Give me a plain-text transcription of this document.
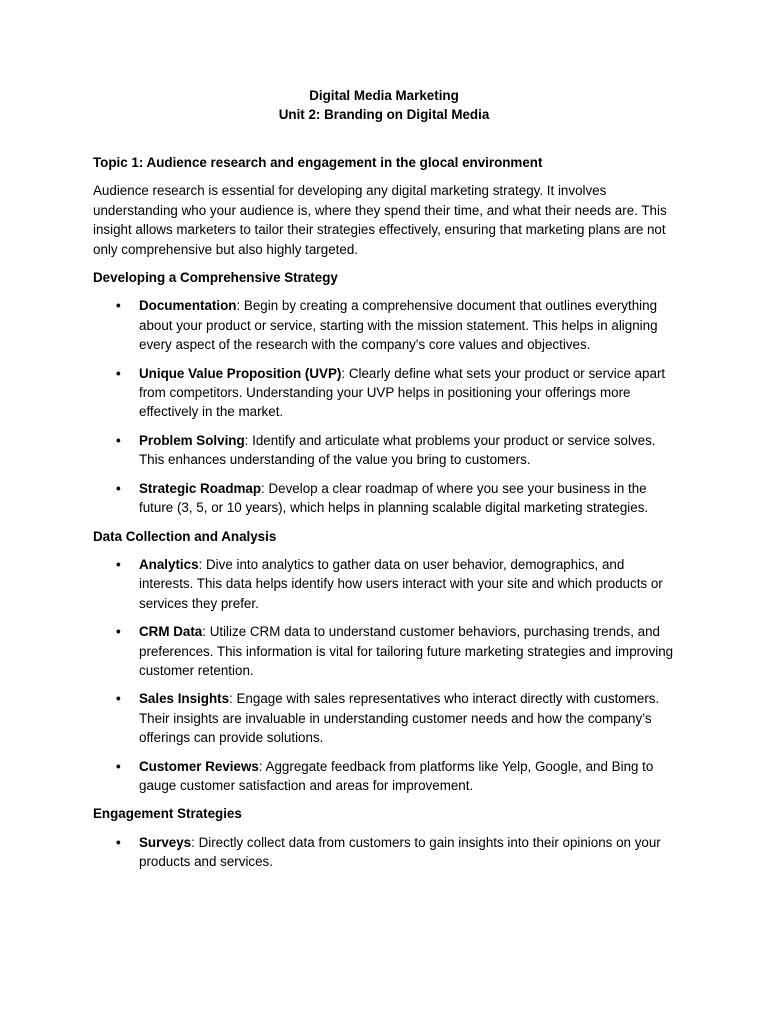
Digital Media Marketing
Unit 2: Branding on Digital Media
Topic 1: Audience research and engagement in the glocal environment

Audience research is essential for developing any digital marketing strategy. It involves understanding who your audience is, where they spend their time, and what their needs are. This insight allows marketers to tailor their strategies effectively, ensuring that marketing plans are not only comprehensive but also highly targeted.

Developing a Comprehensive Strategy
• Documentation: Begin by creating a comprehensive document that outlines everything about your product or service, starting with the mission statement. This helps in aligning every aspect of the research with the company's core values and objectives.
• Unique Value Proposition (UVP): Clearly define what sets your product or service apart from competitors. Understanding your UVP helps in positioning your offerings more effectively in the market.
• Problem Solving: Identify and articulate what problems your product or service solves. This enhances understanding of the value you bring to customers.
• Strategic Roadmap: Develop a clear roadmap of where you see your business in the future (3, 5, or 10 years), which helps in planning scalable digital marketing strategies.
Data Collection and Analysis
• Analytics: Dive into analytics to gather data on user behavior, demographics, and interests. This data helps identify how users interact with your site and which products or services they prefer.
• CRM Data: Utilize CRM data to understand customer behaviors, purchasing trends, and preferences. This information is vital for tailoring future marketing strategies and improving customer retention.
• Sales Insights: Engage with sales representatives who interact directly with customers. Their insights are invaluable in understanding customer needs and how the company’s offerings can provide solutions.
• Customer Reviews: Aggregate feedback from platforms like Yelp, Google, and Bing to gauge customer satisfaction and areas for improvement.
Engagement Strategies
• Surveys: Directly collect data from customers to gain insights into their opinions on your products and services.
